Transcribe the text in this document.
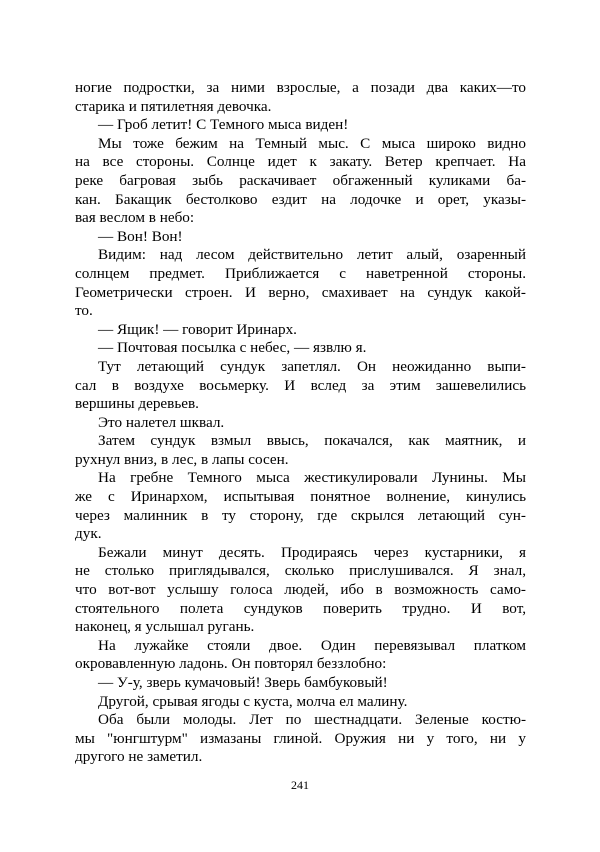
ногие подростки, за ними взрослые, а позади два каких—то
старика и пятилетняя девочка.
— Гроб летит! С Темного мыса виден!
Мы тоже бежим на Темный мыс. С мыса широко видно
на все стороны. Солнце идет к закату. Ветер крепчает. На
реке багровая зыбь раскачивает обгаженный куликами ба-
кан. Бакащик бестолково ездит на лодочке и орет, указы-
вая веслом в небо:
— Вон! Вон!
Видим: над лесом действительно летит алый, озаренный
солнцем предмет. Приближается с наветренной стороны.
Геометрически строен. И верно, смахивает на сундук какой-
то.
— Ящик! — говорит Иринарх.
— Почтовая посылка с небес, — язвлю я.
Тут летающий сундук запетлял. Он неожиданно выпи-
сал в воздухе восьмерку. И вслед за этим зашевелились
вершины деревьев.
Это налетел шквал.
Затем сундук взмыл ввысь, покачался, как маятник, и
рухнул вниз, в лес, в лапы сосен.
На гребне Темного мыса жестикулировали Лунины. Мы
же с Иринархом, испытывая понятное волнение, кинулись
через малинник в ту сторону, где скрылся летающий сун-
дук.
Бежали минут десять. Продираясь через кустарники, я
не столько приглядывался, сколько прислушивался. Я знал,
что вот-вот услышу голоса людей, ибо в возможность само-
стоятельного полета сундуков поверить трудно. И вот,
наконец, я услышал ругань.
На лужайке стояли двое. Один перевязывал платком
окровавленную ладонь. Он повторял беззлобно:
— У-у, зверь кумачовый! Зверь бамбуковый!
Другой, срывая ягоды с куста, молча ел малину.
Оба были молоды. Лет по шестнадцати. Зеленые костю-
мы "юнгштурм" измазаны глиной. Оружия ни у того, ни у
другого не заметил.
241
